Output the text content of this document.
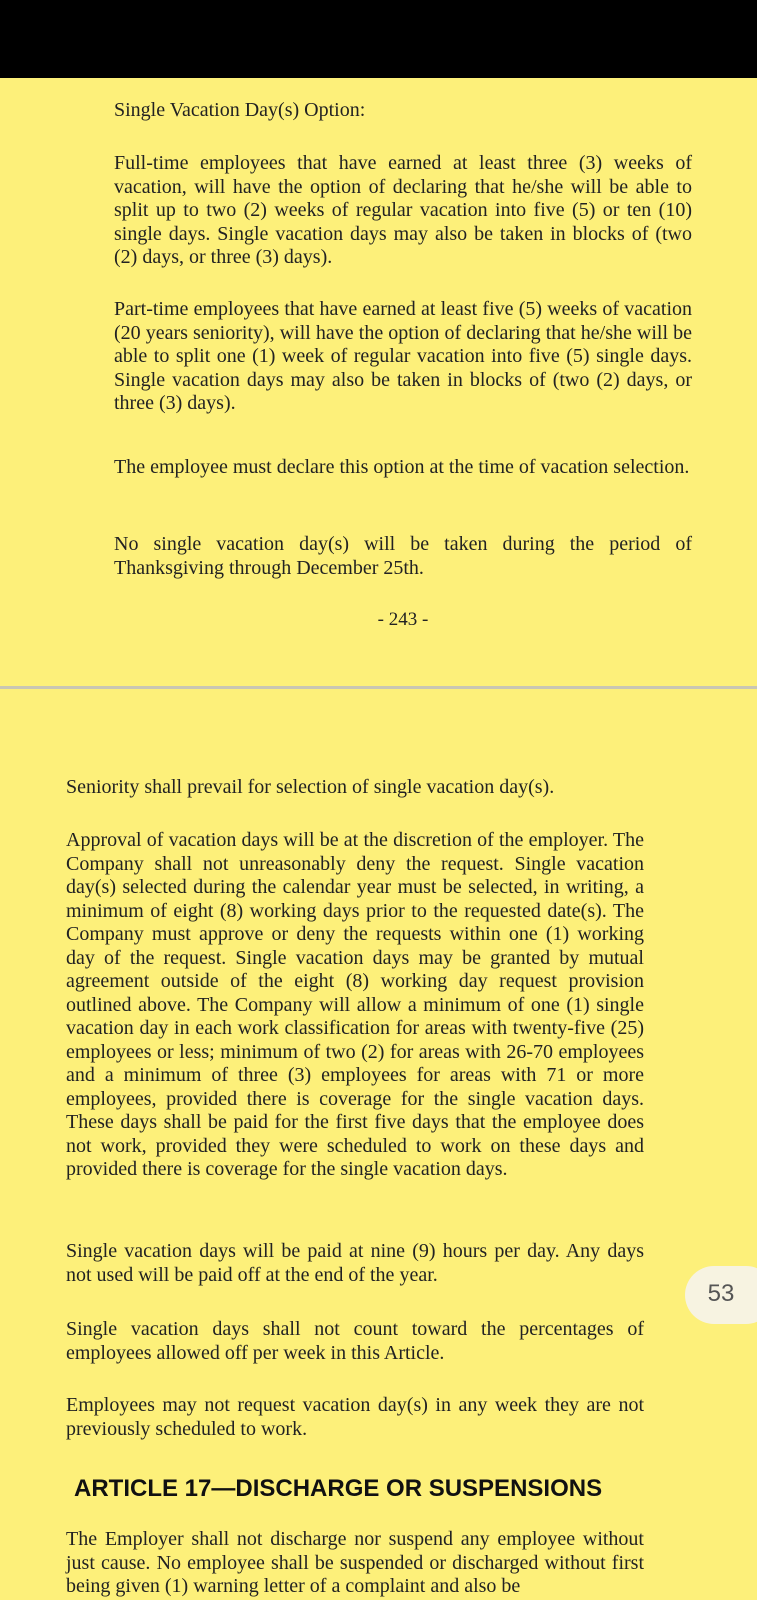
Single Vacation Day(s) Option:

Full-time employees that have earned at least three (3) weeks of vacation, will have the option of declaring that he/she will be able to split up to two (2) weeks of regular vacation into five (5) or ten (10) single days. Single vacation days may also be taken in blocks of (two (2) days, or three (3) days).

Part-time employees that have earned at least five (5) weeks of vacation (20 years seniority), will have the option of declaring that he/she will be able to split one (1) week of regular vacation into five (5) single days. Single vacation days may also be taken in blocks of (two (2) days, or three (3) days).

The employee must declare this option at the time of vacation selection.

No single vacation day(s) will be taken during the period of Thanksgiving through December 25th.

- 243 -

Seniority shall prevail for selection of single vacation day(s).

Approval of vacation days will be at the discretion of the employer. The Company shall not unreasonably deny the request. Single vacation day(s) selected during the calendar year must be selected, in writing, a minimum of eight (8) working days prior to the requested date(s). The Company must approve or deny the requests within one (1) working day of the request. Single vacation days may be granted by mutual agreement outside of the eight (8) working day request provision outlined above. The Company will allow a minimum of one (1) single vacation day in each work classification for areas with twenty-five (25) employees or less; minimum of two (2) for areas with 26-70 employees and a minimum of three (3) employees for areas with 71 or more employees, provided there is coverage for the single vacation days. These days shall be paid for the first five days that the employee does not work, provided they were scheduled to work on these days and provided there is coverage for the single vacation days.

Single vacation days will be paid at nine (9) hours per day. Any days not used will be paid off at the end of the year.

Single vacation days shall not count toward the percentages of employees allowed off per week in this Article.

Employees may not request vacation day(s) in any week they are not previously scheduled to work.

ARTICLE 17—DISCHARGE OR SUSPENSIONS

The Employer shall not discharge nor suspend any employee without just cause. No employee shall be suspended or discharged without first being given (1) warning letter of a complaint and also be

53
